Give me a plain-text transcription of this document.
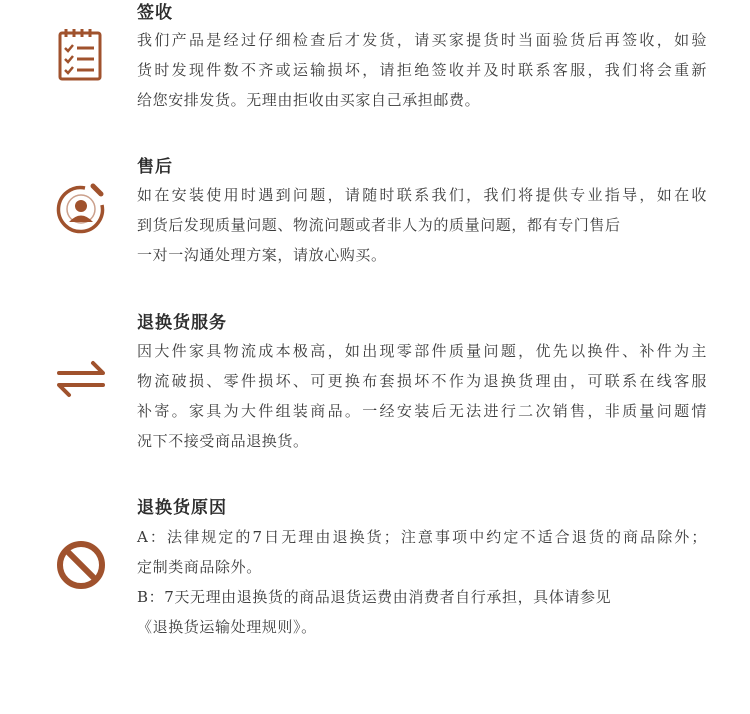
签收
我们产品是经过仔细检查后才发货，请买家提货时当面验货后再签收，如验
货时发现件数不齐或运输损坏，请拒绝签收并及时联系客服，我们将会重新
给您安排发货。无理由拒收由买家自己承担邮费。
售后
如在安装使用时遇到问题，请随时联系我们，我们将提供专业指导，如在收
到货后发现质量问题、物流问题或者非人为的质量问题，都有专门售后
一对一沟通处理方案，请放心购买。
退换货服务
因大件家具物流成本极高，如出现零部件质量问题，优先以换件、补件为主
物流破损、零件损坏、可更换布套损坏不作为退换货理由，可联系在线客服
补寄。家具为大件组装商品。一经安装后无法进行二次销售，非质量问题情
况下不接受商品退换货。
退换货原因
A：法律规定的7日无理由退换货；注意事项中约定不适合退货的商品除外；
定制类商品除外。
B：7天无理由退换货的商品退货运费由消费者自行承担，具体请参见
《退换货运输处理规则》。
